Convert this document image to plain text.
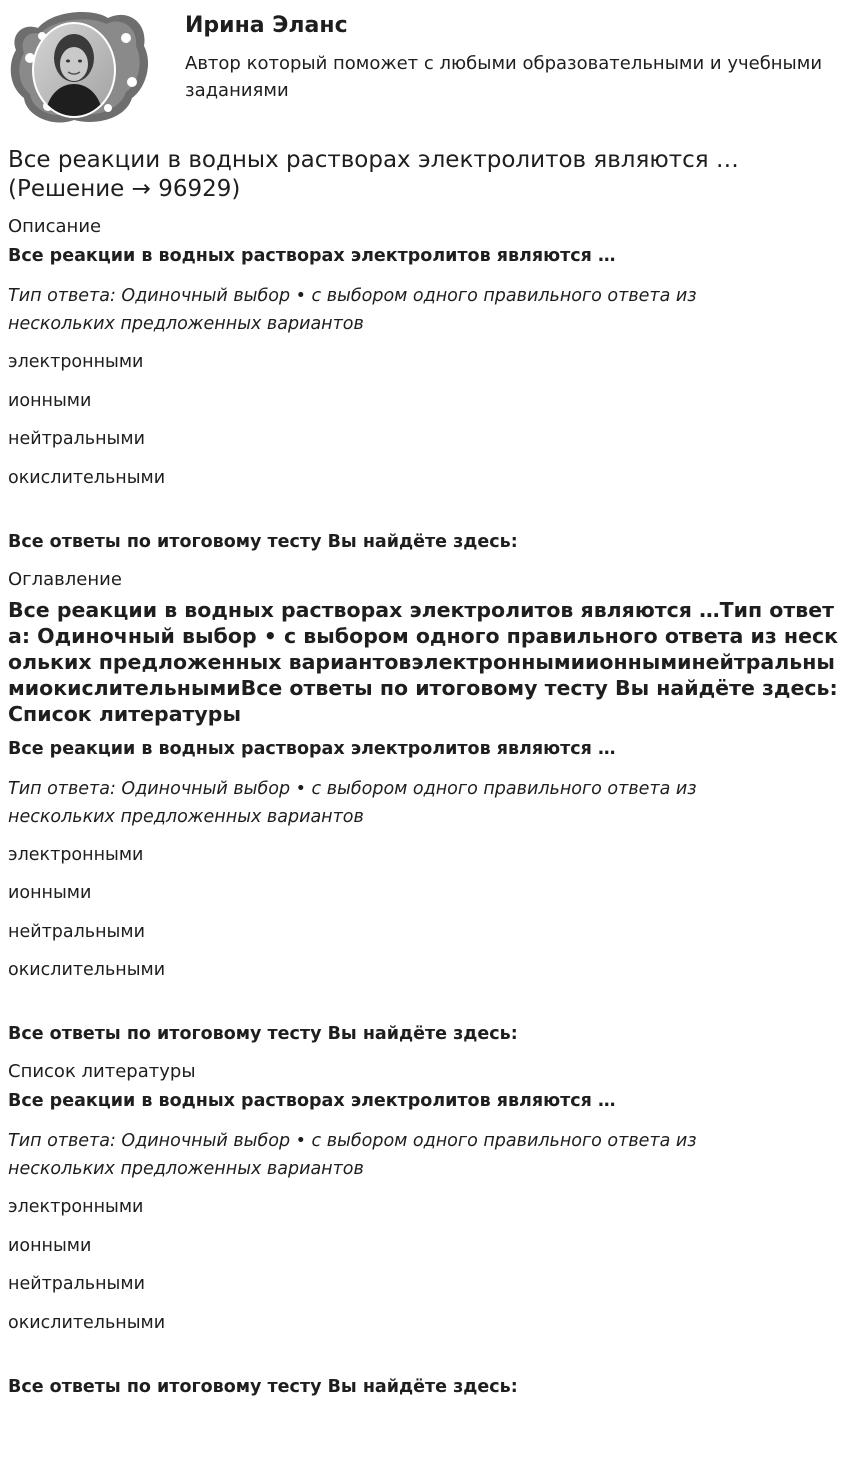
Ирина Эланс
Автор который поможет с любыми образовательными и учебными заданиями
Все реакции в водных растворах электролитов являются … (Решение → 96929)
Описание
Все реакции в водных растворах электролитов являются …
Тип ответа: Одиночный выбор • с выбором одного правильного ответа из нескольких предложенных вариантов
электронными
ионными
нейтральными
окислительными
Все ответы по итоговому тесту Вы найдёте здесь:
Оглавление
Все реакции в водных растворах электролитов являются …Тип ответа: Одиночный выбор • с выбором одного правильного ответа из нескольких предложенных вариантовэлектроннымиионныминейтральнымиокислительнымиВсе ответы по итоговому тесту Вы найдёте здесь: Список литературы
Все реакции в водных растворах электролитов являются …
Тип ответа: Одиночный выбор • с выбором одного правильного ответа из нескольких предложенных вариантов
электронными
ионными
нейтральными
окислительными
Все ответы по итоговому тесту Вы найдёте здесь:
Список литературы
Все реакции в водных растворах электролитов являются …
Тип ответа: Одиночный выбор • с выбором одного правильного ответа из нескольких предложенных вариантов
электронными
ионными
нейтральными
окислительными
Все ответы по итоговому тесту Вы найдёте здесь:
